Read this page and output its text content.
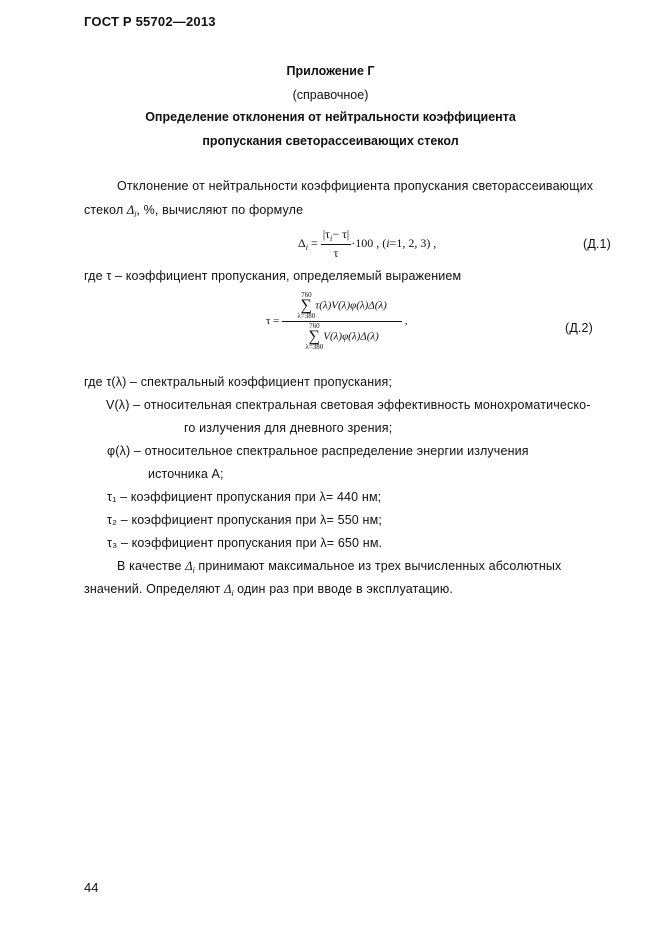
ГОСТ Р 55702—2013
Приложение Г
(справочное)
Определение отклонения от нейтральности коэффициента
пропускания светорассеивающих стекол
Отклонение от нейтральности коэффициента пропускания светорассеивающих
стекол $\Delta_i$, %, вычисляют по формуле
$\Delta_i = \frac{|\tau_i- \tau|}{\tau} \cdot 100$ , (i=1, 2, 3) ,	(Д.1)
где τ – коэффициент пропускания, определяемый выражением
τ = 760
∑
λ=380
τ(λ)V(λ)φ(λ)Δ(λ)
760
∑
λ=380
V(λ)φ(λ)Δ(λ) ,	(Д.2)
где τ(λ) – спектральный коэффициент пропускания;
V(λ) – относительная спектральная световая эффективность монохроматическо-
го излучения для дневного зрения;
φ(λ) – относительное спектральное распределение энергии излучения
источника А;
τ₁ – коэффициент пропускания при λ= 440 нм;
τ₂ – коэффициент пропускания при λ= 550 нм;
τ₃ – коэффициент пропускания при λ= 650 нм.
В качестве $\Delta_i$ принимают максимальное из трех вычисленных абсолютных
значений. Определяют $\Delta_i$ один раз при вводе в эксплуатацию.
44
